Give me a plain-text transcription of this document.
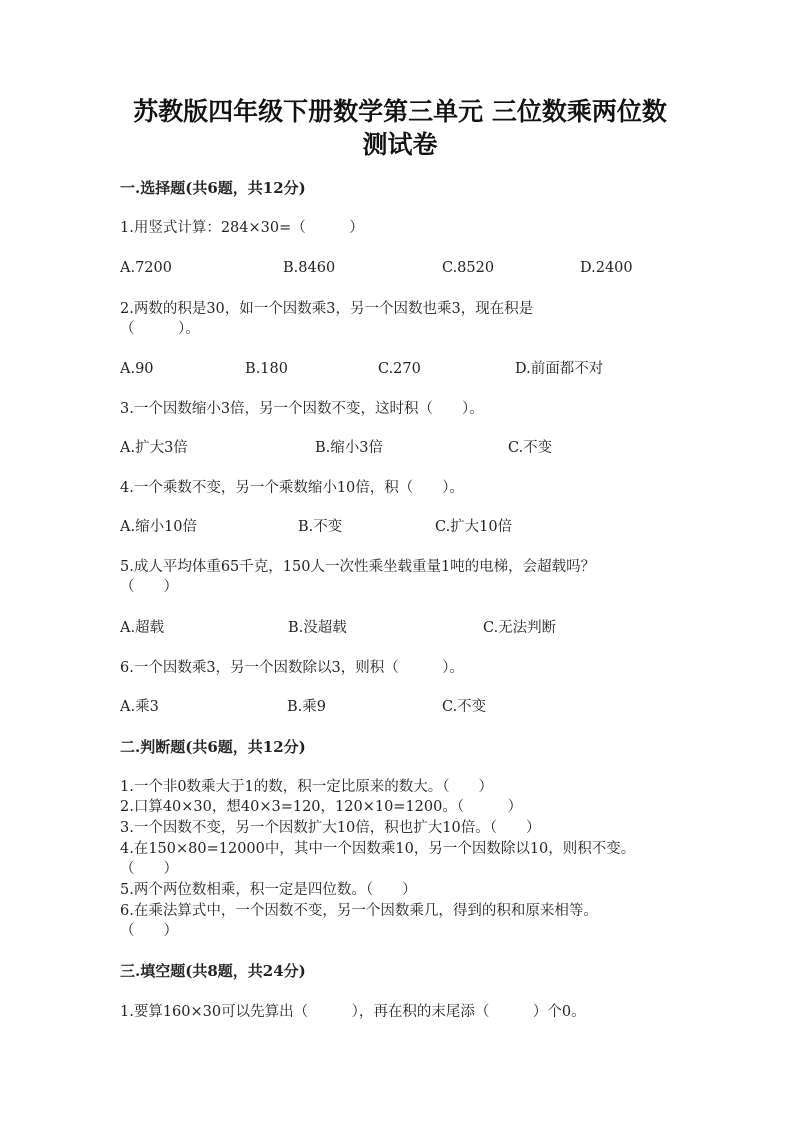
苏教版四年级下册数学第三单元 三位数乘两位数
测试卷
一.选择题(共6题，共12分)
1.用竖式计算：284×30=（　　　）
A.7200	B.8460	C.8520	D.2400
2.两数的积是30，如一个因数乘3，另一个因数也乘3，现在积是
（　　　）。
A.90	B.180	C.270	D.前面都不对
3.一个因数缩小3倍，另一个因数不变，这时积（　　）。
A.扩大3倍	B.缩小3倍	C.不变
4.一个乘数不变，另一个乘数缩小10倍，积（　　）。
A.缩小10倍	B.不变	C.扩大10倍
5.成人平均体重65千克，150人一次性乘坐载重量1吨的电梯，会超载吗？
（　　）
A.超载	B.没超载	C.无法判断
6.一个因数乘3，另一个因数除以3，则积（　　　）。
A.乘3	B.乘9	C.不变
二.判断题(共6题，共12分)
1.一个非0数乘大于1的数，积一定比原来的数大。（　　）
2.口算40×30，想40×3=120，120×10=1200。（　　　）
3.一个因数不变，另一个因数扩大10倍，积也扩大10倍。（　　）
4.在150×80=12000中，其中一个因数乘10，另一个因数除以10，则积不变。
（　　）
5.两个两位数相乘，积一定是四位数。（　　）
6.在乘法算式中，一个因数不变，另一个因数乘几，得到的积和原来相等。
（　　）
三.填空题(共8题，共24分)
1.要算160×30可以先算出（　　　），再在积的末尾添（　　　）个0。
